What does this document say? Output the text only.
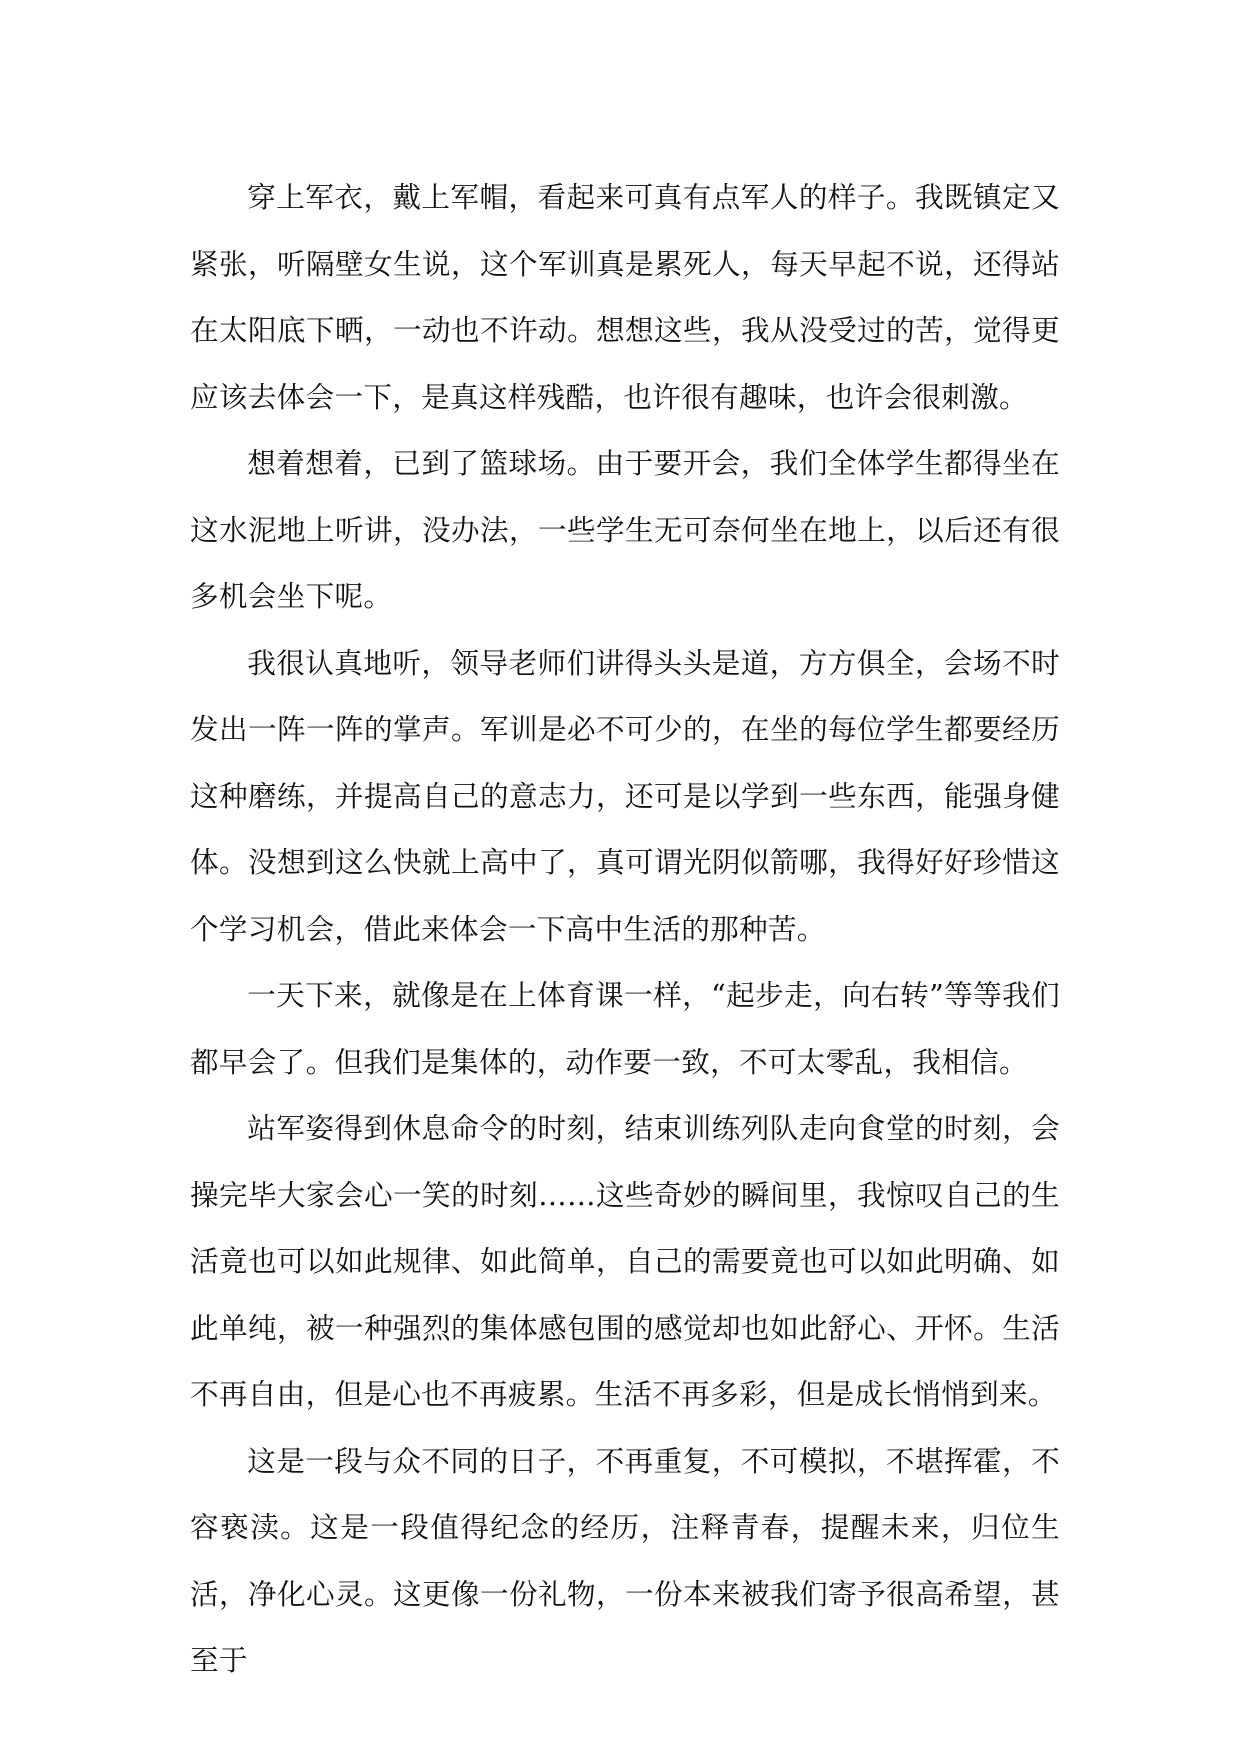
穿上军衣，戴上军帽，看起来可真有点军人的样子。我既镇定又紧张，听隔壁女生说，这个军训真是累死人，每天早起不说，还得站在太阳底下晒，一动也不许动。想想这些，我从没受过的苦，觉得更应该去体会一下，是真这样残酷，也许很有趣味，也许会很刺激。

想着想着，已到了篮球场。由于要开会，我们全体学生都得坐在这水泥地上听讲，没办法，一些学生无可奈何坐在地上，以后还有很多机会坐下呢。

我很认真地听，领导老师们讲得头头是道，方方俱全，会场不时发出一阵一阵的掌声。军训是必不可少的，在坐的每位学生都要经历这种磨练，并提高自己的意志力，还可是以学到一些东西，能强身健体。没想到这么快就上高中了，真可谓光阴似箭哪，我得好好珍惜这个学习机会，借此来体会一下高中生活的那种苦。

一天下来，就像是在上体育课一样，“起步走，向右转”等等我们都早会了。但我们是集体的，动作要一致，不可太零乱，我相信。

站军姿得到休息命令的时刻，结束训练列队走向食堂的时刻，会操完毕大家会心一笑的时刻……这些奇妙的瞬间里，我惊叹自己的生活竟也可以如此规律、如此简单，自己的需要竟也可以如此明确、如此单纯，被一种强烈的集体感包围的感觉却也如此舒心、开怀。生活不再自由，但是心也不再疲累。生活不再多彩，但是成长悄悄到来。

这是一段与众不同的日子，不再重复，不可模拟，不堪挥霍，不容亵渎。这是一段值得纪念的经历，注释青春，提醒未来，归位生活，净化心灵。这更像一份礼物，一份本来被我们寄予很高希望，甚至于
